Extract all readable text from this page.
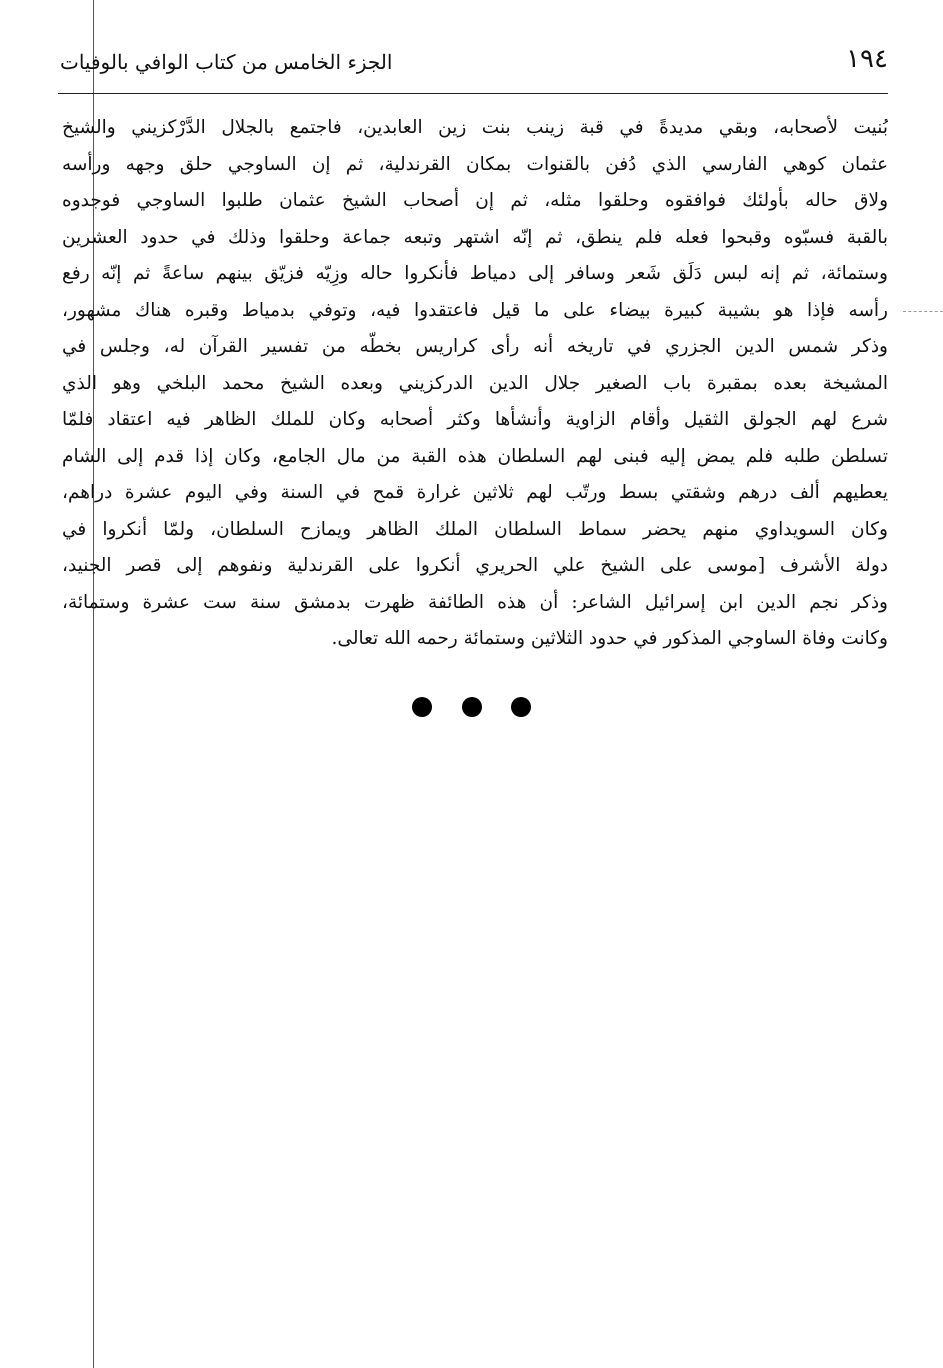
١٩٤
الجزء الخامس من كتاب الوافي بالوفيات
بُنيت لأصحابه، وبقي مديدةً في قبة زينب بنت زين العابدين، فاجتمع بالجلال الدَّرْكزيني والشيخ
عثمان كوهي الفارسي الذي دُفن بالقنوات بمكان القرندلية، ثم إن الساوجي حلق وجهه ورأسه
ولاق حاله بأولئك فوافقوه وحلقوا مثله، ثم إن أصحاب الشيخ عثمان طلبوا الساوجي فوجدوه
بالقبة فسبّوه وقبحوا فعله فلم ينطق، ثم إنّه اشتهر وتبعه جماعة وحلقوا وذلك في حدود العشرين
وستمائة، ثم إنه لبس دَلَق شَعر وسافر إلى دمياط فأنكروا حاله وزِيّه فزيّق بينهم ساعةً ثم إنّه رفع
رأسه فإذا هو بشيبة كبيرة بيضاء على ما قيل فاعتقدوا فيه، وتوفي بدمياط وقبره هناك مشهور،
وذكر شمس الدين الجزري في تاريخه أنه رأى كراريس بخطّه من تفسير القرآن له، وجلس في
المشيخة بعده بمقبرة باب الصغير جلال الدين الدركزيني وبعده الشيخ محمد البلخي وهو الذي
شرع لهم الجولق الثقيل وأقام الزاوية وأنشأها وكثر أصحابه وكان للملك الظاهر فيه اعتقاد فلمّا
تسلطن طلبه فلم يمض إليه فبنى لهم السلطان هذه القبة من مال الجامع، وكان إذا قدم إلى الشام
يعطيهم ألف درهم وشقتي بسط ورتّب لهم ثلاثين غرارة قمح في السنة وفي اليوم عشرة دراهم،
وكان السويداوي منهم يحضر سماط السلطان الملك الظاهر ويمازح السلطان، ولمّا أنكروا في
دولة الأشرف [موسى على الشيخ علي الحريري أنكروا على القرندلية ونفوهم إلى قصر الجنيد،
وذكر نجم الدين ابن إسرائيل الشاعر: أن هذه الطائفة ظهرت بدمشق سنة ست عشرة وستمائة،
وكانت وفاة الساوجي المذكور في حدود الثلاثين وستمائة رحمه الله تعالى.
